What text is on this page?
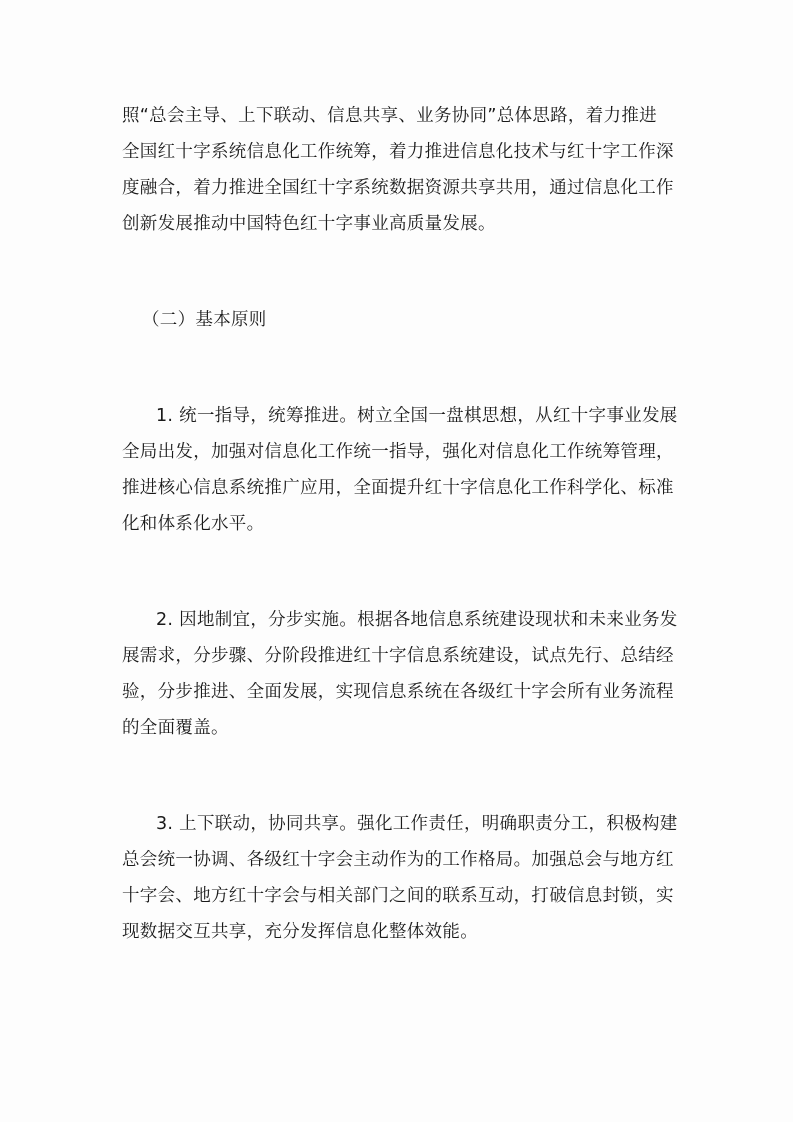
照“总会主导、上下联动、信息共享、业务协同”总体思路，着力推进
全国红十字系统信息化工作统筹，着力推进信息化技术与红十字工作深
度融合，着力推进全国红十字系统数据资源共享共用，通过信息化工作
创新发展推动中国特色红十字事业高质量发展。

（二）基本原则

1. 统一指导，统筹推进。树立全国一盘棋思想，从红十字事业发展
全局出发，加强对信息化工作统一指导，强化对信息化工作统筹管理，
推进核心信息系统推广应用，全面提升红十字信息化工作科学化、标准
化和体系化水平。

2. 因地制宜，分步实施。根据各地信息系统建设现状和未来业务发
展需求，分步骤、分阶段推进红十字信息系统建设，试点先行、总结经
验，分步推进、全面发展，实现信息系统在各级红十字会所有业务流程
的全面覆盖。

3. 上下联动，协同共享。强化工作责任，明确职责分工，积极构建
总会统一协调、各级红十字会主动作为的工作格局。加强总会与地方红
十字会、地方红十字会与相关部门之间的联系互动，打破信息封锁，实
现数据交互共享，充分发挥信息化整体效能。
